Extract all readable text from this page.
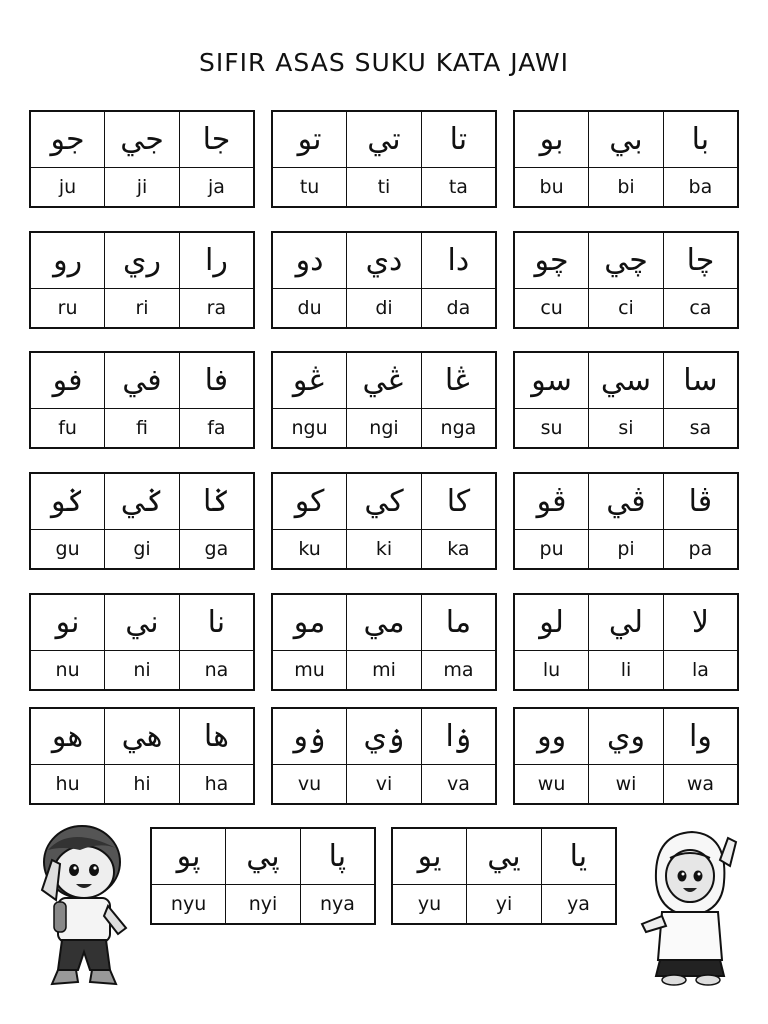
SIFIR ASAS SUKU KATA JAWI
جو	جي	جا
ju	ji	ja
تو	تي	تا
tu	ti	ta
بو	بي	با
bu	bi	ba
رو	ري	را
ru	ri	ra
دو	دي	دا
du	di	da
چو	چي	چا
cu	ci	ca
فو	في	فا
fu	fi	fa
ڠو	ڠي	ڠا
ngu	ngi	nga
سو	سي	سا
su	si	sa
ݢو	ݢي	ݢا
gu	gi	ga
كو	كي	كا
ku	ki	ka
ڤو	ڤي	ڤا
pu	pi	pa
نو	ني	نا
nu	ni	na
مو	مي	ما
mu	mi	ma
لو	لي	لا
lu	li	la
هو	هي	ها
hu	hi	ha
ۏو	ۏي	ۏا
vu	vi	va
وو	وي	وا
wu	wi	wa
ڽو	ڽي	ڽا
nyu	nyi	nya
يو	يي	يا
yu	yi	ya
